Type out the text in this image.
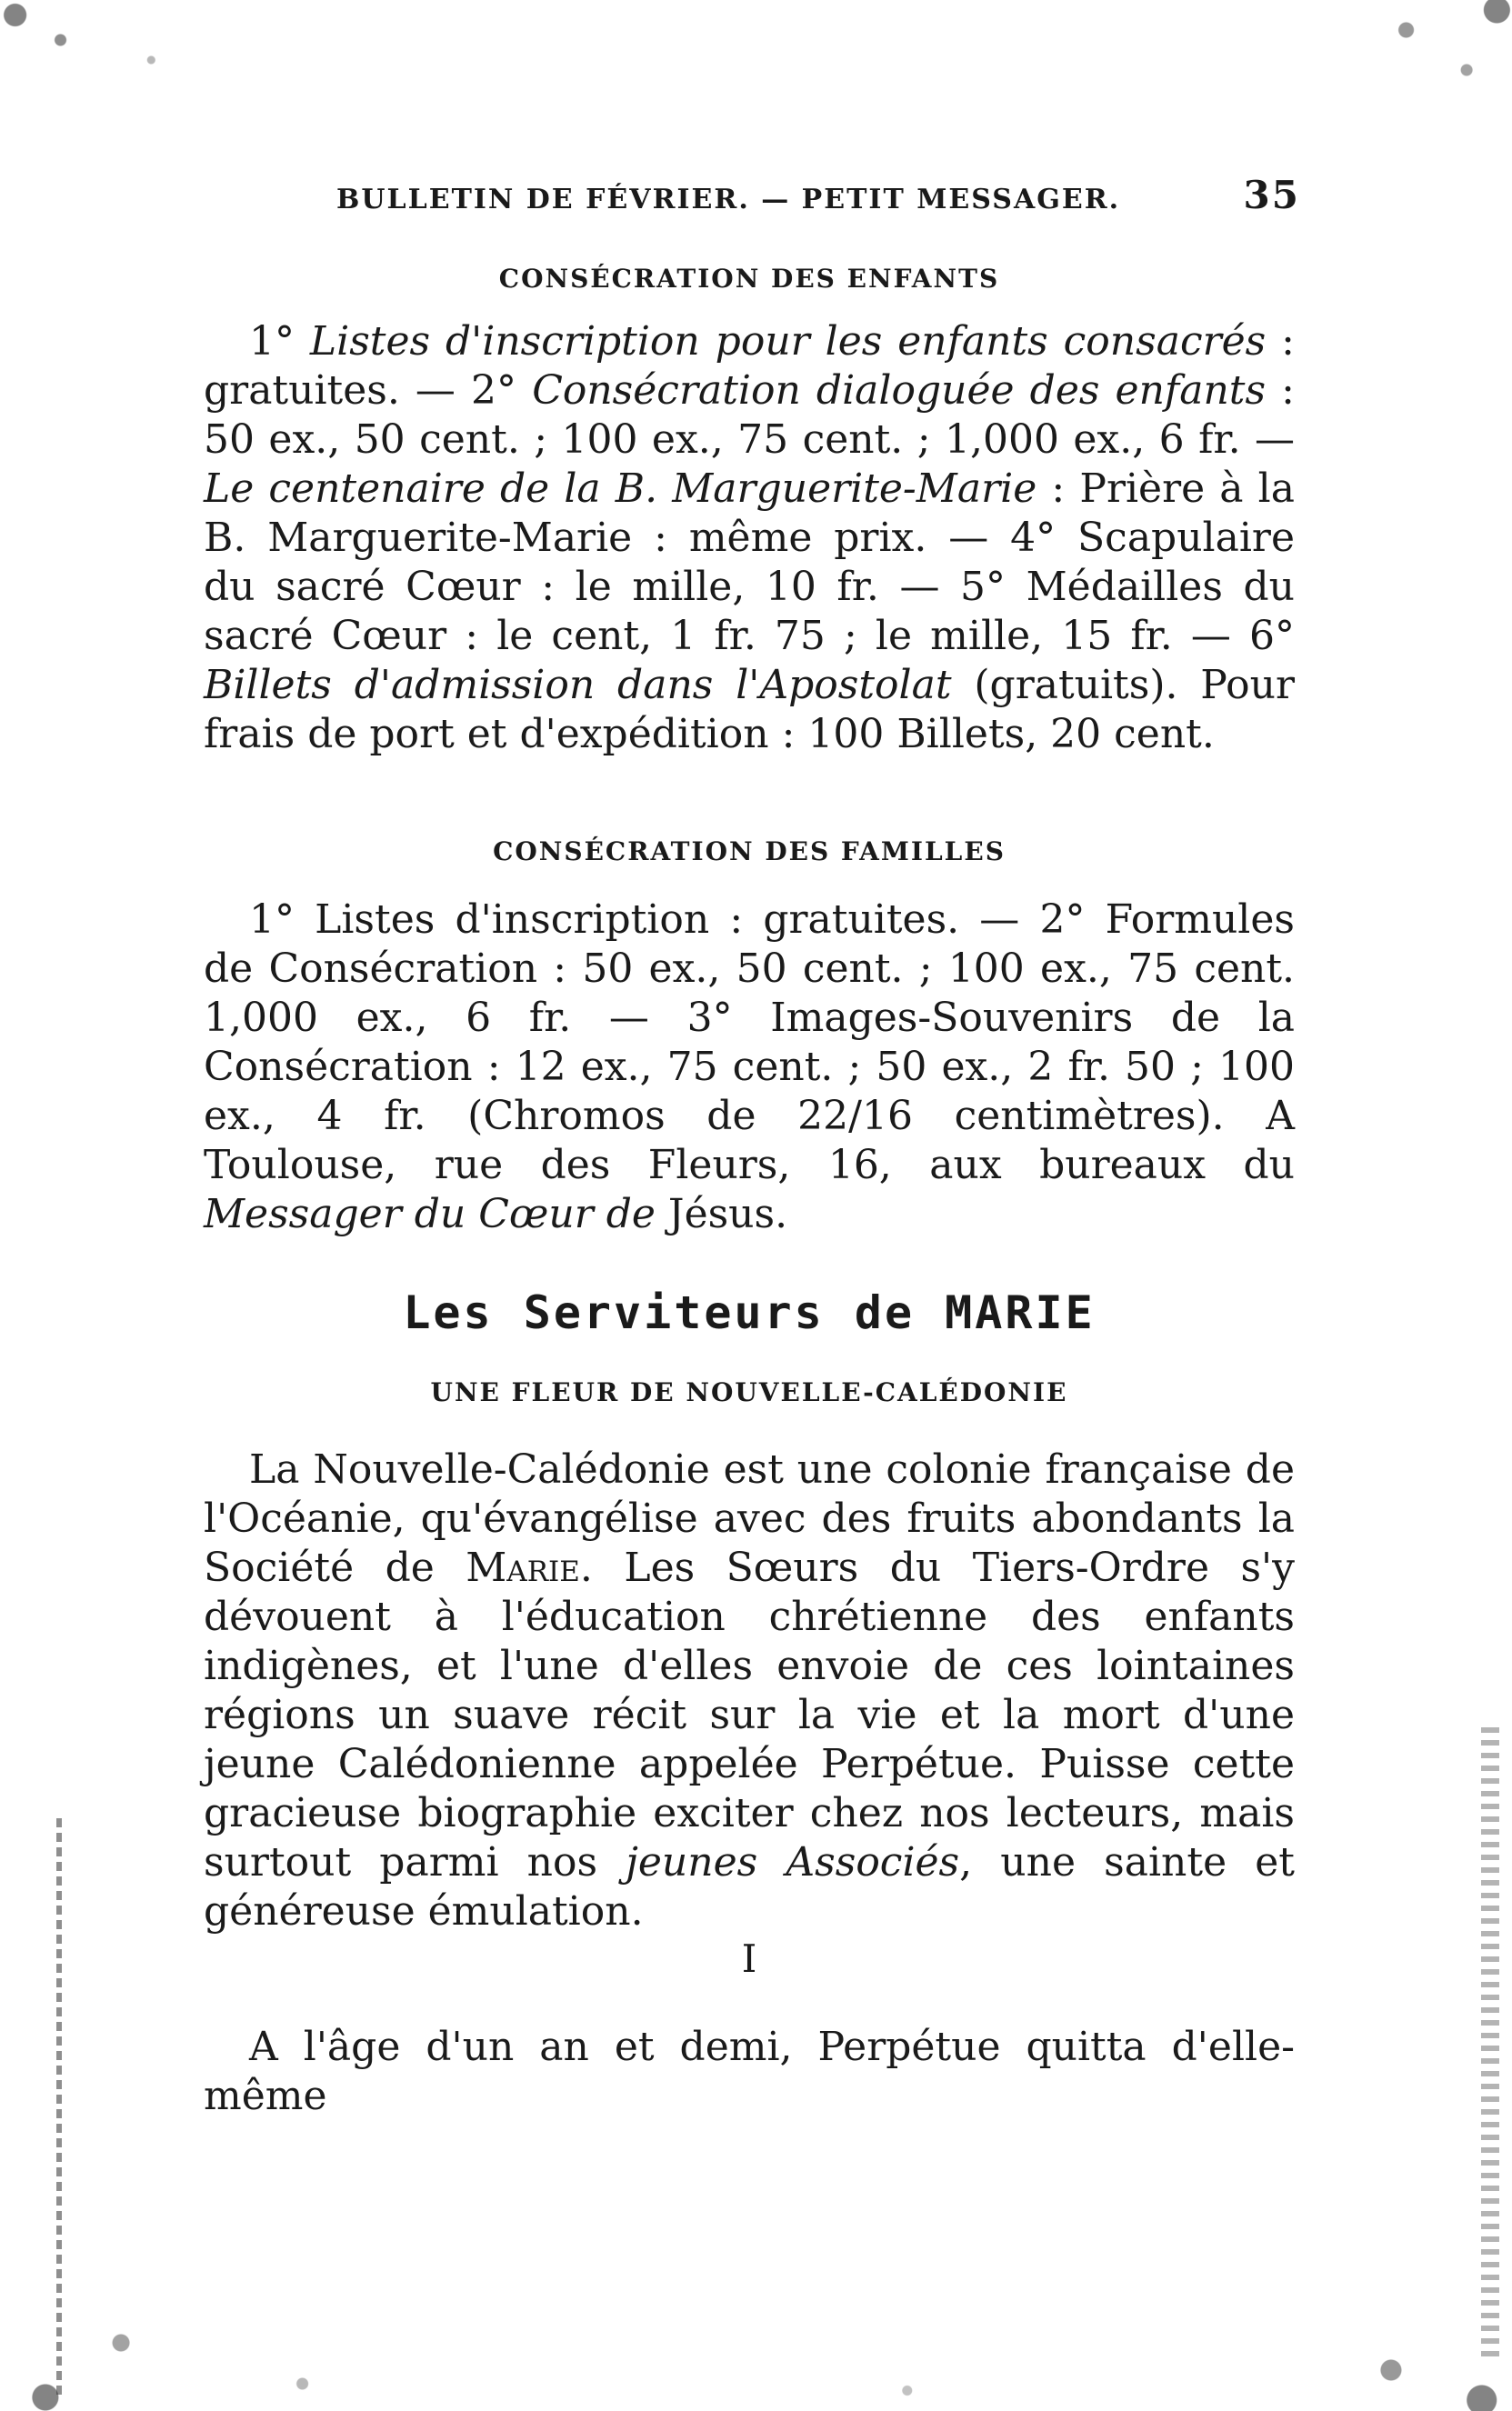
BULLETIN DE FÉVRIER. — PETIT MESSAGER.	35

CONSÉCRATION DES ENFANTS

1° Listes d'inscription pour les enfants consacrés : gratuites. — 2° Consécration dialoguée des enfants : 50 ex., 50 cent. ; 100 ex., 75 cent. ; 1,000 ex., 6 fr. — Le centenaire de la B. Marguerite-Marie : Prière à la B. Marguerite-Marie : même prix. — 4° Scapulaire du sacré Cœur : le mille, 10 fr. — 5° Médailles du sacré Cœur : le cent, 1 fr. 75 ; le mille, 15 fr. — 6° Billets d'admission dans l'Apostolat (gratuits). Pour frais de port et d'expédition : 100 Billets, 20 cent.

CONSÉCRATION DES FAMILLES

1° Listes d'inscription : gratuites. — 2° Formules de Consécration : 50 ex., 50 cent. ; 100 ex., 75 cent. 1,000 ex., 6 fr. — 3° Images-Souvenirs de la Consécration : 12 ex., 75 cent. ; 50 ex., 2 fr. 50 ; 100 ex., 4 fr. (Chromos de 22/16 centimètres). A Toulouse, rue des Fleurs, 16, aux bureaux du Messager du Cœur de Jésus.

Les Serviteurs de MARIE
UNE FLEUR DE NOUVELLE-CALÉDONIE

La Nouvelle-Calédonie est une colonie française de l'Océanie, qu'évangélise avec des fruits abondants la Société de Marie. Les Sœurs du Tiers-Ordre s'y dévouent à l'éducation chrétienne des enfants indigènes, et l'une d'elles envoie de ces lointaines régions un suave récit sur la vie et la mort d'une jeune Calédonienne appelée Perpétue. Puisse cette gracieuse biographie exciter chez nos lecteurs, mais surtout parmi nos jeunes Associés, une sainte et généreuse émulation.

I

A l'âge d'un an et demi, Perpétue quitta d'elle-même
